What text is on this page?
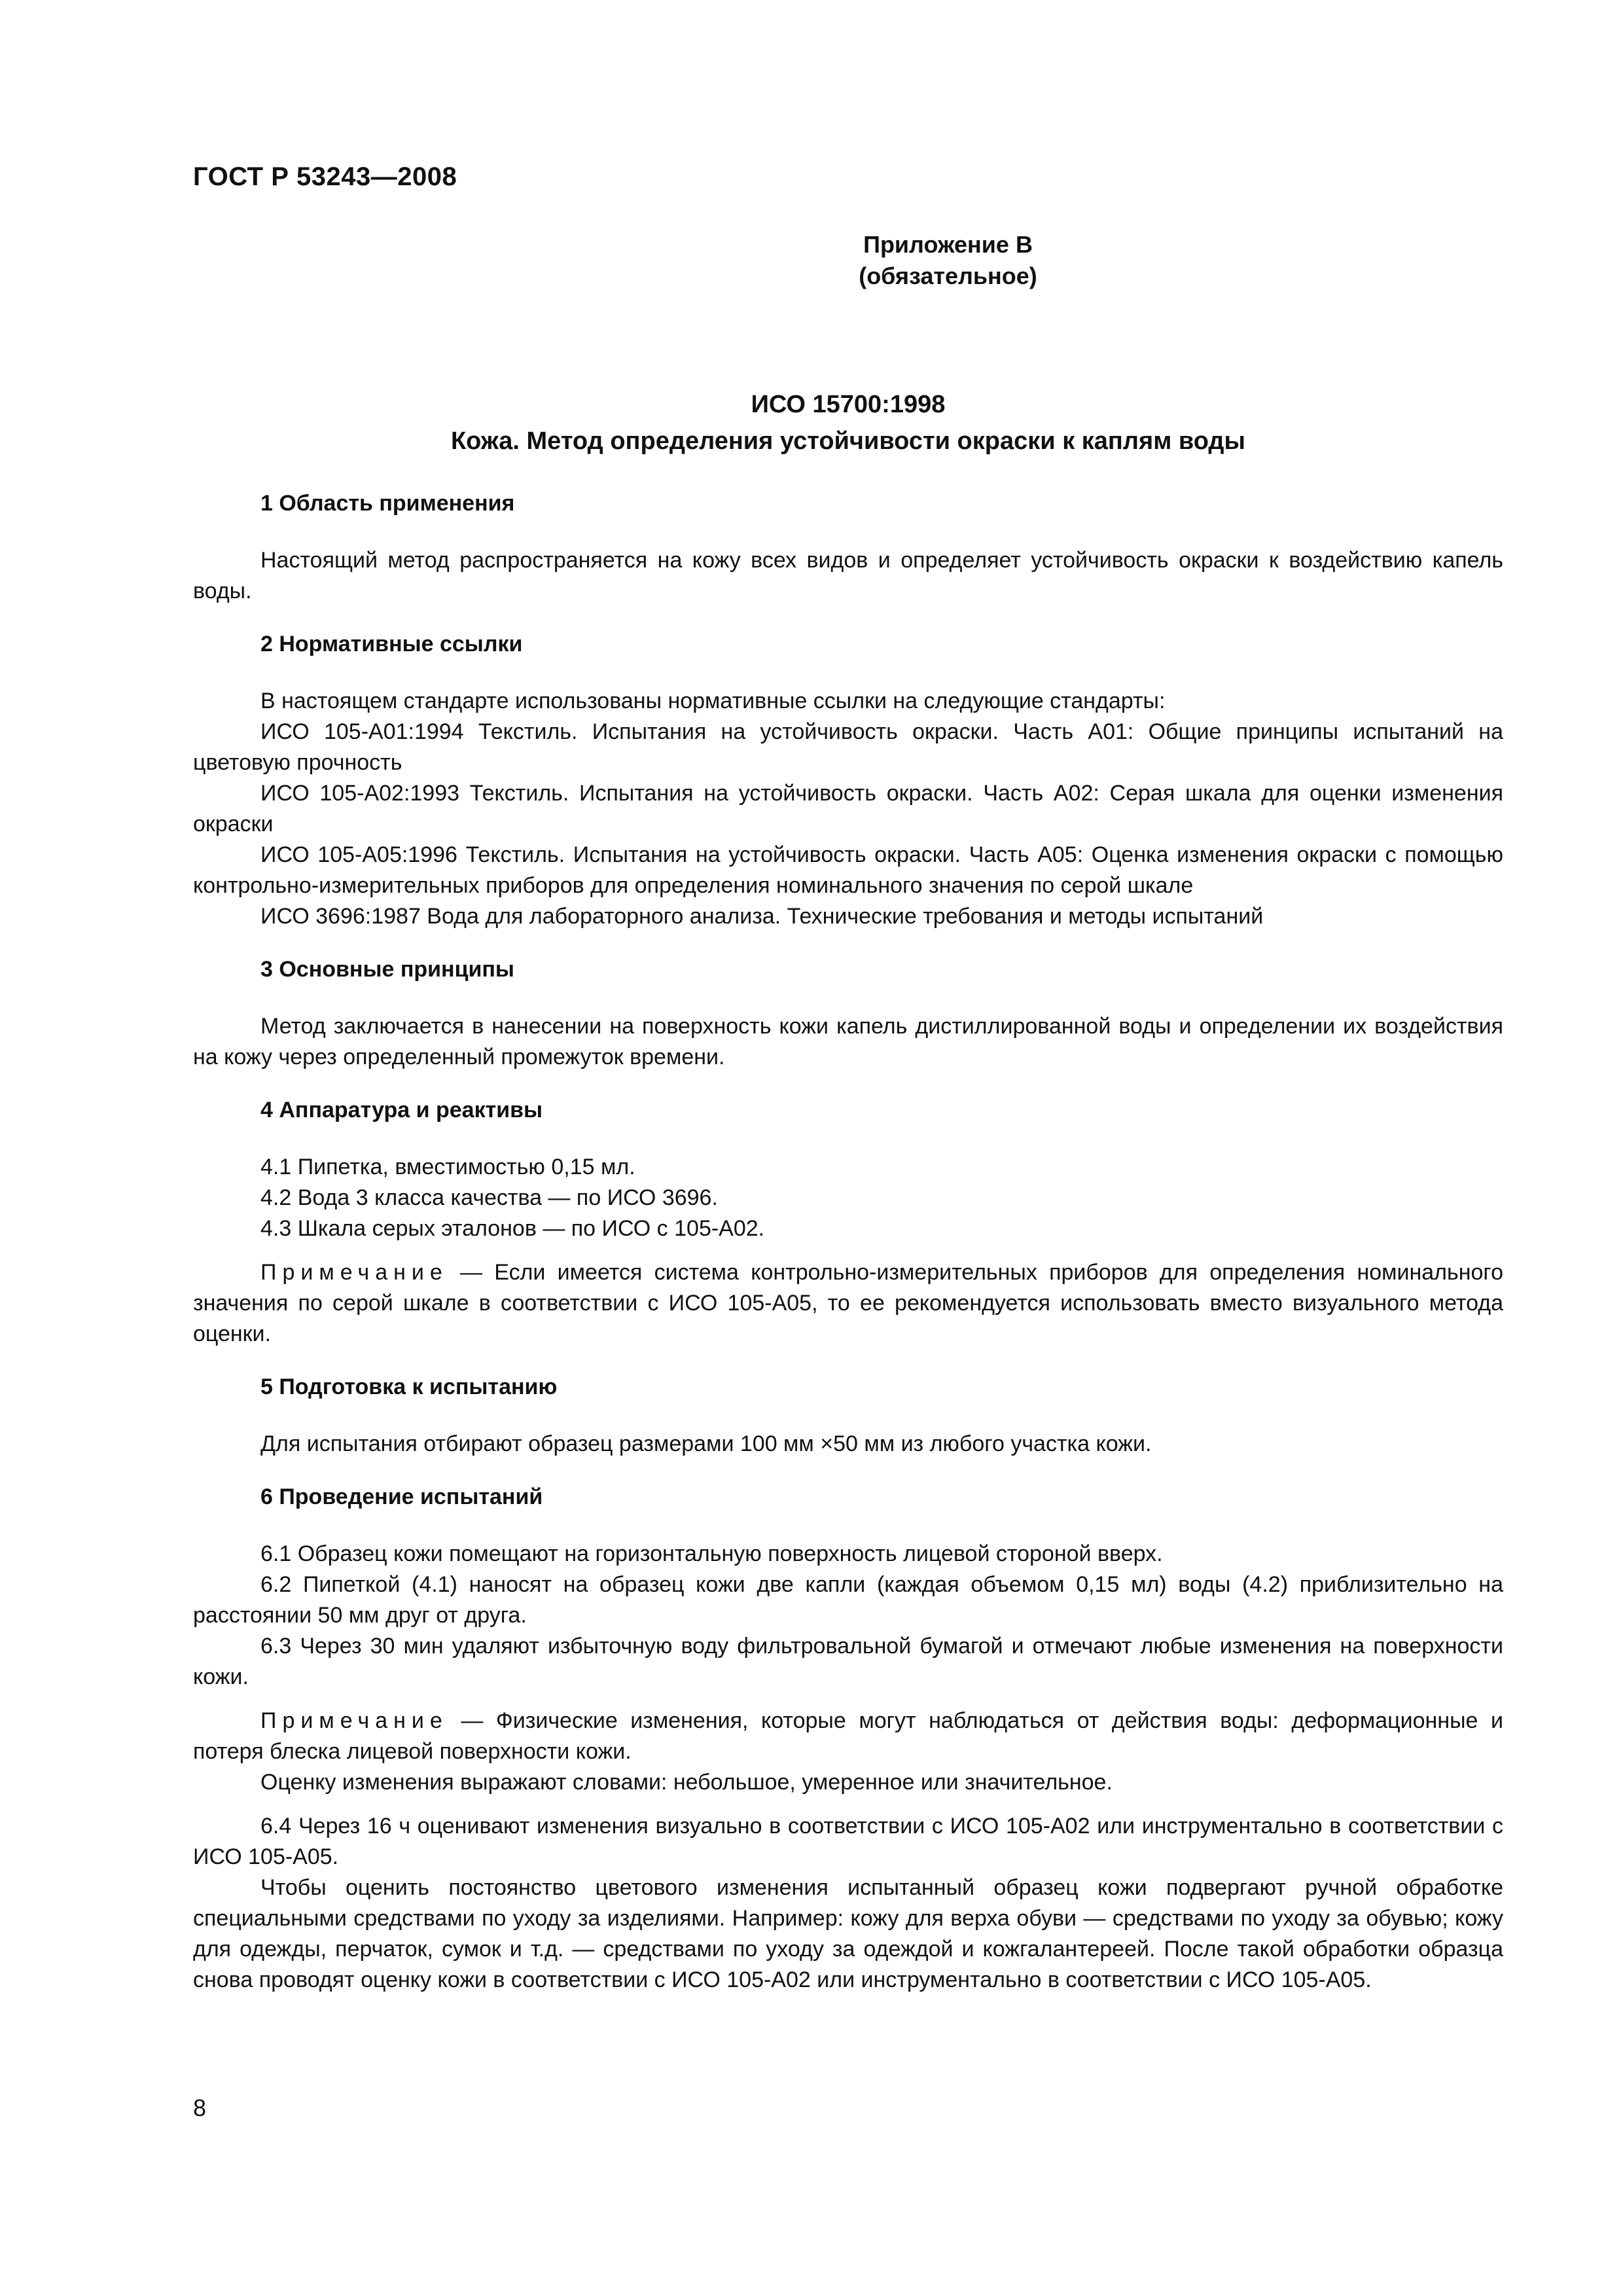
ГОСТ Р 53243—2008
Приложение В
(обязательное)
ИСО 15700:1998
Кожа. Метод определения устойчивости окраски к каплям воды

1 Область применения

Настоящий метод распространяется на кожу всех видов и определяет устойчивость окраски к воздействию капель воды.

2 Нормативные ссылки

В настоящем стандарте использованы нормативные ссылки на следующие стандарты:

ИСО 105-А01:1994 Текстиль. Испытания на устойчивость окраски. Часть А01: Общие принципы испытаний на цветовую прочность

ИСО 105-А02:1993 Текстиль. Испытания на устойчивость окраски. Часть А02: Серая шкала для оценки изменения окраски

ИСО 105-А05:1996 Текстиль. Испытания на устойчивость окраски. Часть А05: Оценка изменения окраски с помощью контрольно-измерительных приборов для определения номинального значения по серой шкале

ИСО 3696:1987 Вода для лабораторного анализа. Технические требования и методы испытаний

3 Основные принципы

Метод заключается в нанесении на поверхность кожи капель дистиллированной воды и определении их воздействия на кожу через определенный промежуток времени.

4 Аппаратура и реактивы

4.1 Пипетка, вместимостью 0,15 мл.

4.2 Вода 3 класса качества — по ИСО 3696.

4.3 Шкала серых эталонов — по ИСО с 105-А02.

Примечание — Если имеется система контрольно-измерительных приборов для определения номинального значения по серой шкале в соответствии с ИСО 105-А05, то ее рекомендуется использовать вместо визуального метода оценки.

5 Подготовка к испытанию

Для испытания отбирают образец размерами 100 мм ×50 мм из любого участка кожи.

6 Проведение испытаний

6.1 Образец кожи помещают на горизонтальную поверхность лицевой стороной вверх.

6.2 Пипеткой (4.1) наносят на образец кожи две капли (каждая объемом 0,15 мл) воды (4.2) приблизительно на расстоянии 50 мм друг от друга.

6.3 Через 30 мин удаляют избыточную воду фильтровальной бумагой и отмечают любые изменения на поверхности кожи.

Примечание — Физические изменения, которые могут наблюдаться от действия воды: деформационные и потеря блеска лицевой поверхности кожи.

Оценку изменения выражают словами: небольшое, умеренное или значительное.

6.4 Через 16 ч оценивают изменения визуально в соответствии с ИСО 105-А02 или инструментально в соответствии с ИСО 105-А05.

Чтобы оценить постоянство цветового изменения испытанный образец кожи подвергают ручной обработке специальными средствами по уходу за изделиями. Например: кожу для верха обуви — средствами по уходу за обувью; кожу для одежды, перчаток, сумок и т.д. — средствами по уходу за одеждой и кожгалантереей. После такой обработки образца снова проводят оценку кожи в соответствии с ИСО 105-А02 или инструментально в соответствии с ИСО 105-А05.

8
